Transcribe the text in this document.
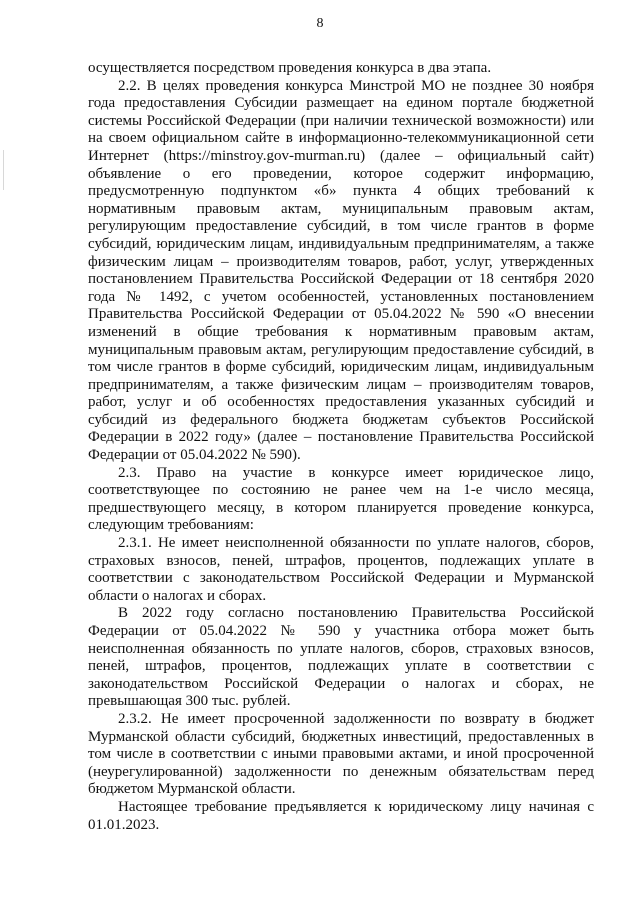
8

осуществляется посредством проведения конкурса в два этапа.

2.2. В целях проведения конкурса Минстрой МО не позднее 30 ноября года предоставления Субсидии размещает на едином портале бюджетной системы Российской Федерации (при наличии технической возможности) или на своем официальном сайте в информационно-телекоммуникационной сети Интернет (https://minstroy.gov-murman.ru) (далее – официальный сайт) объявление о его проведении, которое содержит информацию, предусмотренную подпунктом «б» пункта 4 общих требований к нормативным правовым актам, муниципальным правовым актам, регулирующим предоставление субсидий, в том числе грантов в форме субсидий, юридическим лицам, индивидуальным предпринимателям, а также физическим лицам – производителям товаров, работ, услуг, утвержденных постановлением Правительства Российской Федерации от 18 сентября 2020 года № 1492, с учетом особенностей, установленных постановлением Правительства Российской Федерации от 05.04.2022 № 590 «О внесении изменений в общие требования к нормативным правовым актам, муниципальным правовым актам, регулирующим предоставление субсидий, в том числе грантов в форме субсидий, юридическим лицам, индивидуальным предпринимателям, а также физическим лицам – производителям товаров, работ, услуг и об особенностях предоставления указанных субсидий и субсидий из федерального бюджета бюджетам субъектов Российской Федерации в 2022 году» (далее – постановление Правительства Российской Федерации от 05.04.2022 № 590).

2.3. Право на участие в конкурсе имеет юридическое лицо, соответствующее по состоянию не ранее чем на 1-е число месяца, предшествующего месяцу, в котором планируется проведение конкурса, следующим требованиям:

2.3.1. Не имеет неисполненной обязанности по уплате налогов, сборов, страховых взносов, пеней, штрафов, процентов, подлежащих уплате в соответствии с законодательством Российской Федерации и Мурманской области о налогах и сборах.

В 2022 году согласно постановлению Правительства Российской Федерации от 05.04.2022 № 590 у участника отбора может быть неисполненная обязанность по уплате налогов, сборов, страховых взносов, пеней, штрафов, процентов, подлежащих уплате в соответствии с законодательством Российской Федерации о налогах и сборах, не превышающая 300 тыс. рублей.

2.3.2. Не имеет просроченной задолженности по возврату в бюджет Мурманской области субсидий, бюджетных инвестиций, предоставленных в том числе в соответствии с иными правовыми актами, и иной просроченной (неурегулированной) задолженности по денежным обязательствам перед бюджетом Мурманской области.

Настоящее требование предъявляется к юридическому лицу начиная с 01.01.2023.
